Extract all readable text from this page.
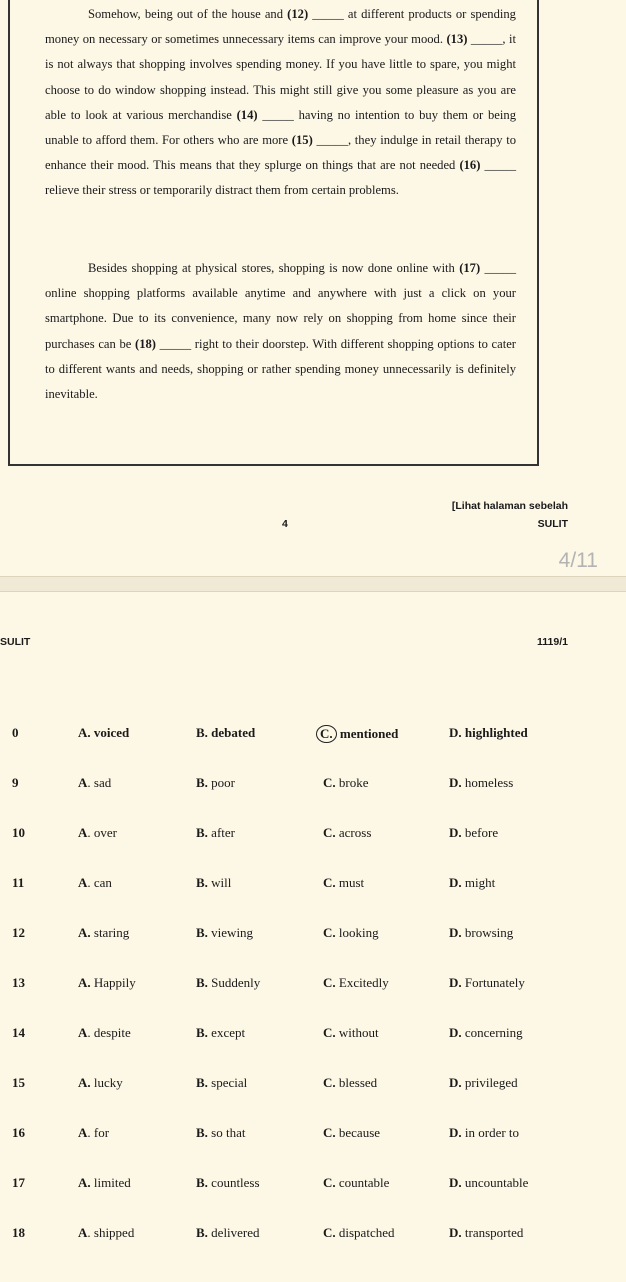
Somehow, being out of the house and (12) _____ at different products or spending money on necessary or sometimes unnecessary items can improve your mood. (13) _____, it is not always that shopping involves spending money. If you have little to spare, you might choose to do window shopping instead. This might still give you some pleasure as you are able to look at various merchandise (14) _____ having no intention to buy them or being unable to afford them. For others who are more (15) _____, they indulge in retail therapy to enhance their mood. This means that they splurge on things that are not needed (16) _____ relieve their stress or temporarily distract them from certain problems.
Besides shopping at physical stores, shopping is now done online with (17) _____ online shopping platforms available anytime and anywhere with just a click on your smartphone. Due to its convenience, many now rely on shopping from home since their purchases can be (18) _____ right to their doorstep. With different shopping options to cater to different wants and needs, shopping or rather spending money unnecessarily is definitely inevitable.
[Lihat halaman sebelah
4	SULIT
4/11
SULIT	1119/1
0	A. voiced	B. debated	C. mentioned	D. highlighted
9	A. sad	B. poor	C. broke	D. homeless
10	A. over	B. after	C. across	D. before
11	A. can	B. will	C. must	D. might
12	A. staring	B. viewing	C. looking	D. browsing
13	A. Happily	B. Suddenly	C. Excitedly	D. Fortunately
14	A. despite	B. except	C. without	D. concerning
15	A. lucky	B. special	C. blessed	D. privileged
16	A. for	B. so that	C. because	D. in order to
17	A. limited	B. countless	C. countable	D. uncountable
18	A. shipped	B. delivered	C. dispatched	D. transported
